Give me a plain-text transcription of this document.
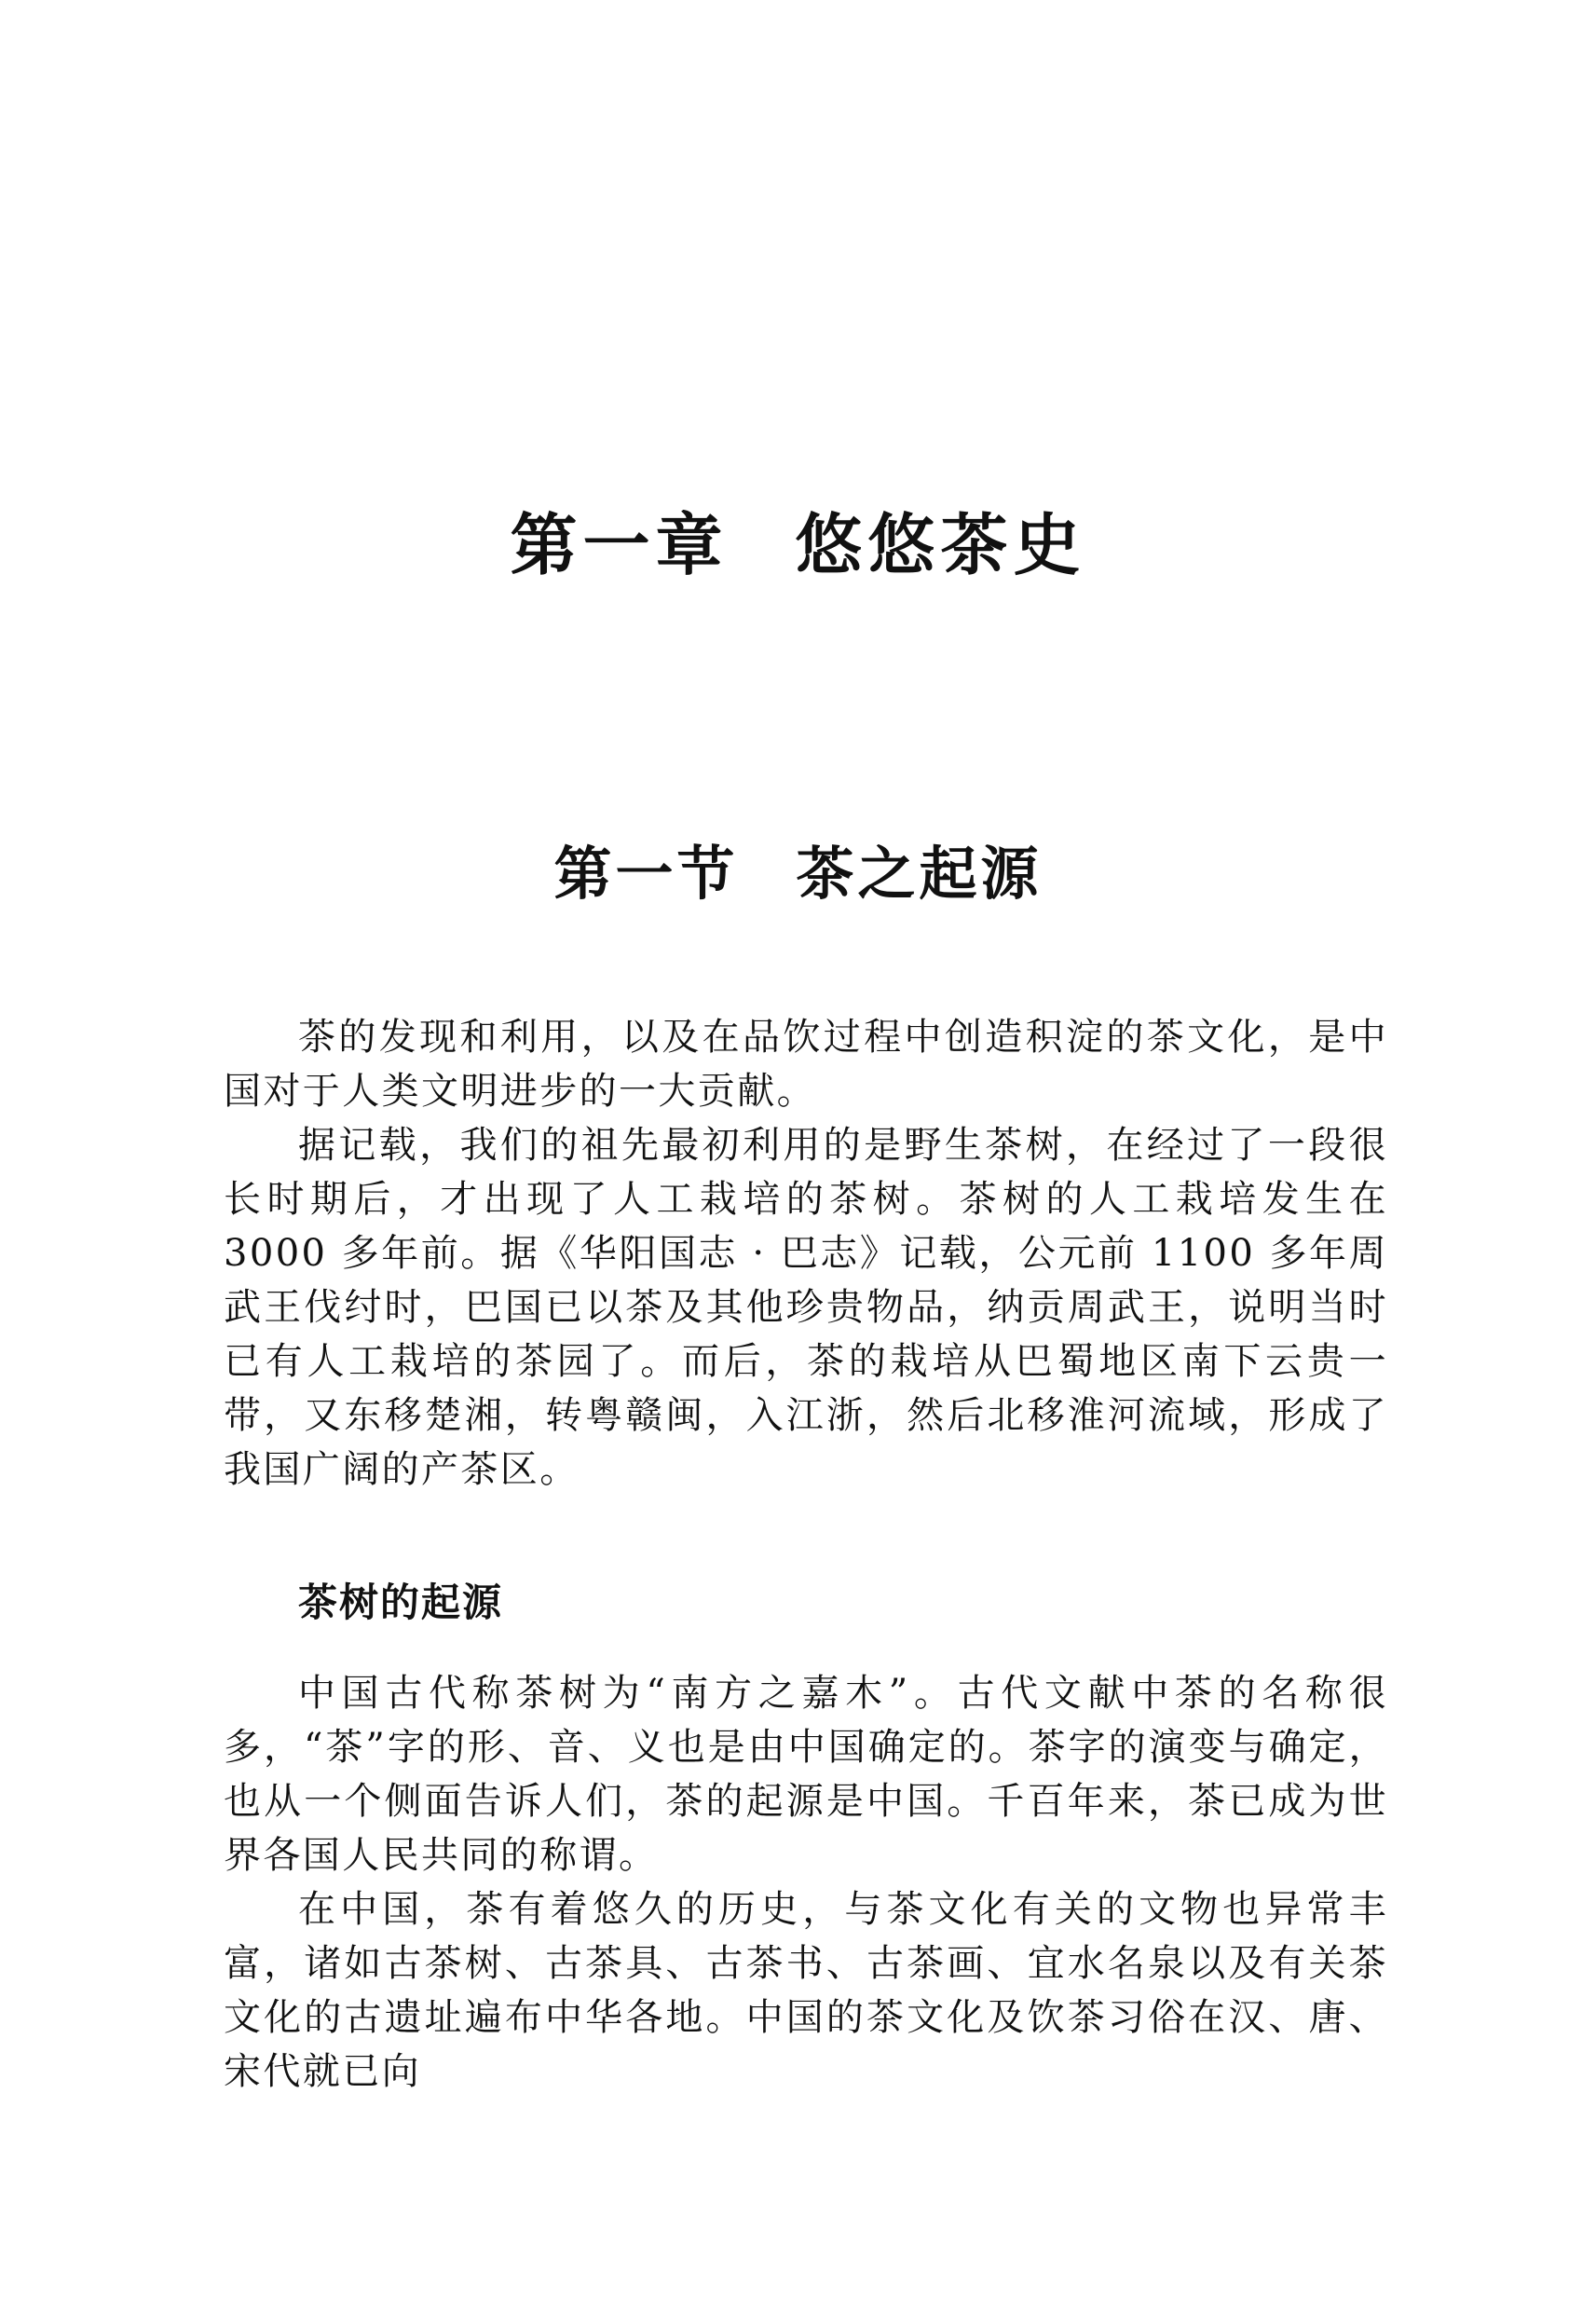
第一章 悠悠茶史
第一节 茶之起源

茶的发现和利用，以及在品饮过程中创造积淀的茶文化，是中国对于人类文明进步的一大贡献。

据记载，我们的祖先最初利用的是野生茶树，在经过了一段很长时期后，才出现了人工栽培的茶树。茶树的人工栽培发生在 3000 多年前。据《华阳国志 · 巴志》记载，公元前 1100 多年周武王伐纣时，巴国已以茶及其他珍贵物品，纳贡周武王，说明当时已有人工栽培的茶园了。而后，茶的栽培从巴蜀地区南下云贵一带，又东移楚湘，转粤赣闽，入江浙，然后北移淮河流域，形成了我国广阔的产茶区。

茶树的起源

中国古代称茶树为“南方之嘉木”。古代文献中茶的名称很多，“茶”字的形、音、义也是由中国确定的。茶字的演变与确定，也从一个侧面告诉人们，茶的起源是中国。千百年来，茶已成为世界各国人民共同的称谓。

在中国，茶有着悠久的历史，与茶文化有关的文物也异常丰富，诸如古茶树、古茶具、古茶书、古茶画、宜水名泉以及有关茶文化的古遗址遍布中华各地。中国的茶文化及饮茶习俗在汉、唐、宋代就已向
